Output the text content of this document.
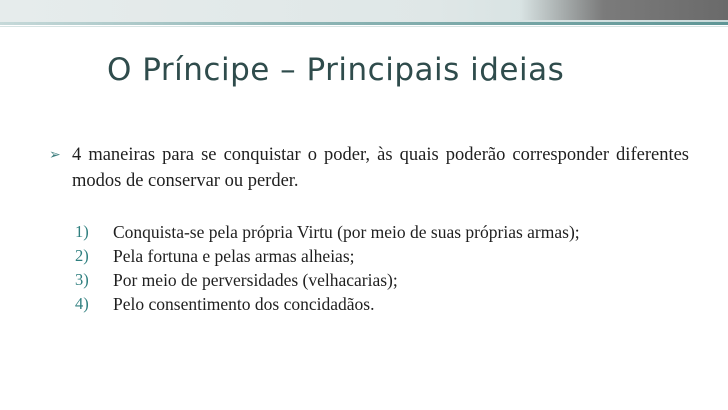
O Príncipe – Principais ideias
➢ 4 maneiras para se conquistar o poder, às quais poderão corresponder diferentes modos de conservar ou perder.
1) Conquista-se pela própria Virtu (por meio de suas próprias armas);
2) Pela fortuna e pelas armas alheias;
3) Por meio de perversidades (velhacarias);
4) Pelo consentimento dos concidadãos.
